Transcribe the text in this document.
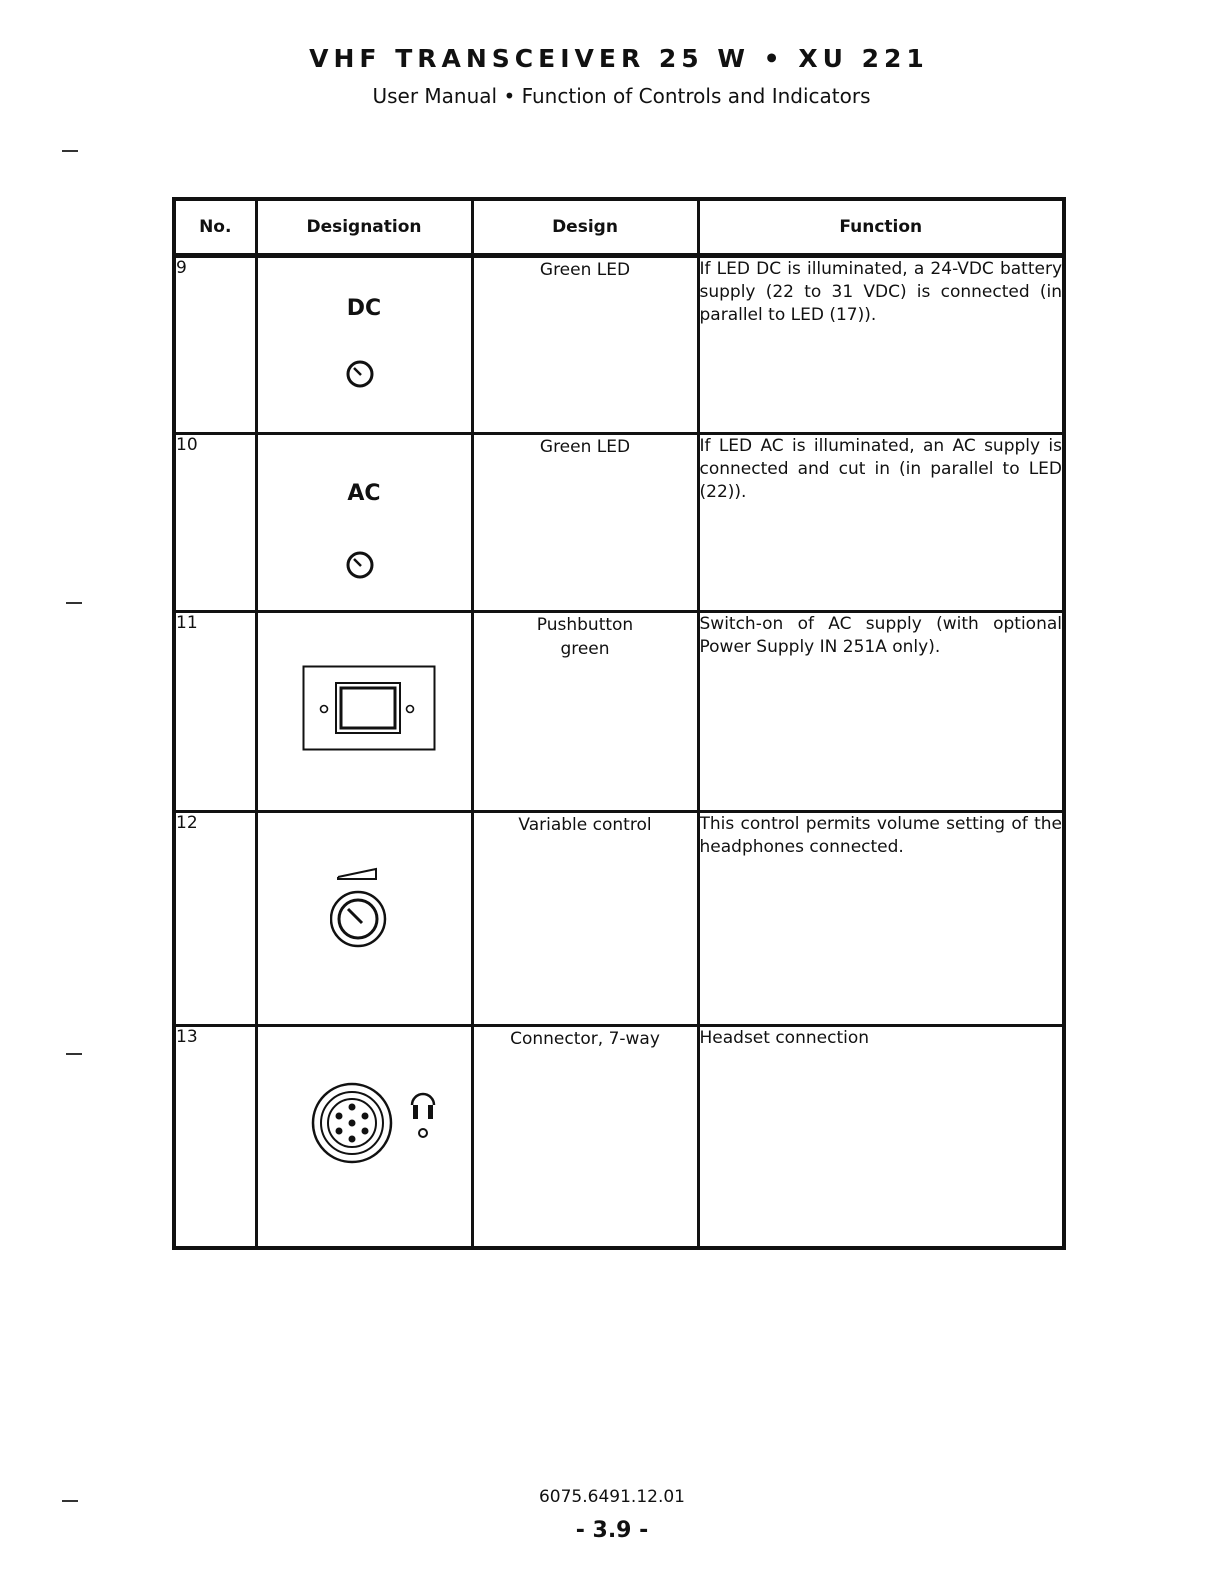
VHF TRANSCEIVER 25 W • XU 221

User Manual • Function of Controls and Indicators

No.	Designation	Design	Function
9	DC	Green LED	If LED DC is illuminated, a 24-VDC battery supply (22 to 31 VDC) is connected (in parallel to LED (17)).
10	AC	Green LED	If LED AC is illuminated, an AC supply is connected and cut in (in parallel to LED (22)).
11		Pushbutton green	Switch-on of AC supply (with optional Power Supply IN 251A only).
12		Variable control	This control permits volume setting of the headphones connected.
13		Connector, 7-way	Headset connection
6075.6491.12.01
- 3.9 -
